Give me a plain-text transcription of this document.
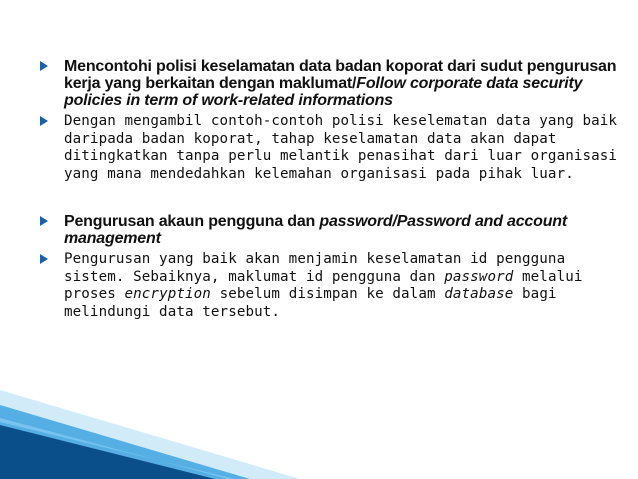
Mencontohi polisi keselamatan data badan koporat dari sudut pengurusan kerja yang berkaitan dengan maklumat/Follow corporate data security policies in term of work-related informations
Dengan mengambil contoh-contoh polisi keselematan data yang baik daripada badan koporat, tahap keselamatan data akan dapat ditingkatkan tanpa perlu melantik penasihat dari luar organisasi yang mana mendedahkan kelemahan organisasi pada pihak luar.
Pengurusan akaun pengguna dan password/Password and account management
Pengurusan yang baik akan menjamin keselamatan id pengguna sistem. Sebaiknya, maklumat id pengguna dan password melalui proses encryption sebelum disimpan ke dalam database bagi melindungi data tersebut.
